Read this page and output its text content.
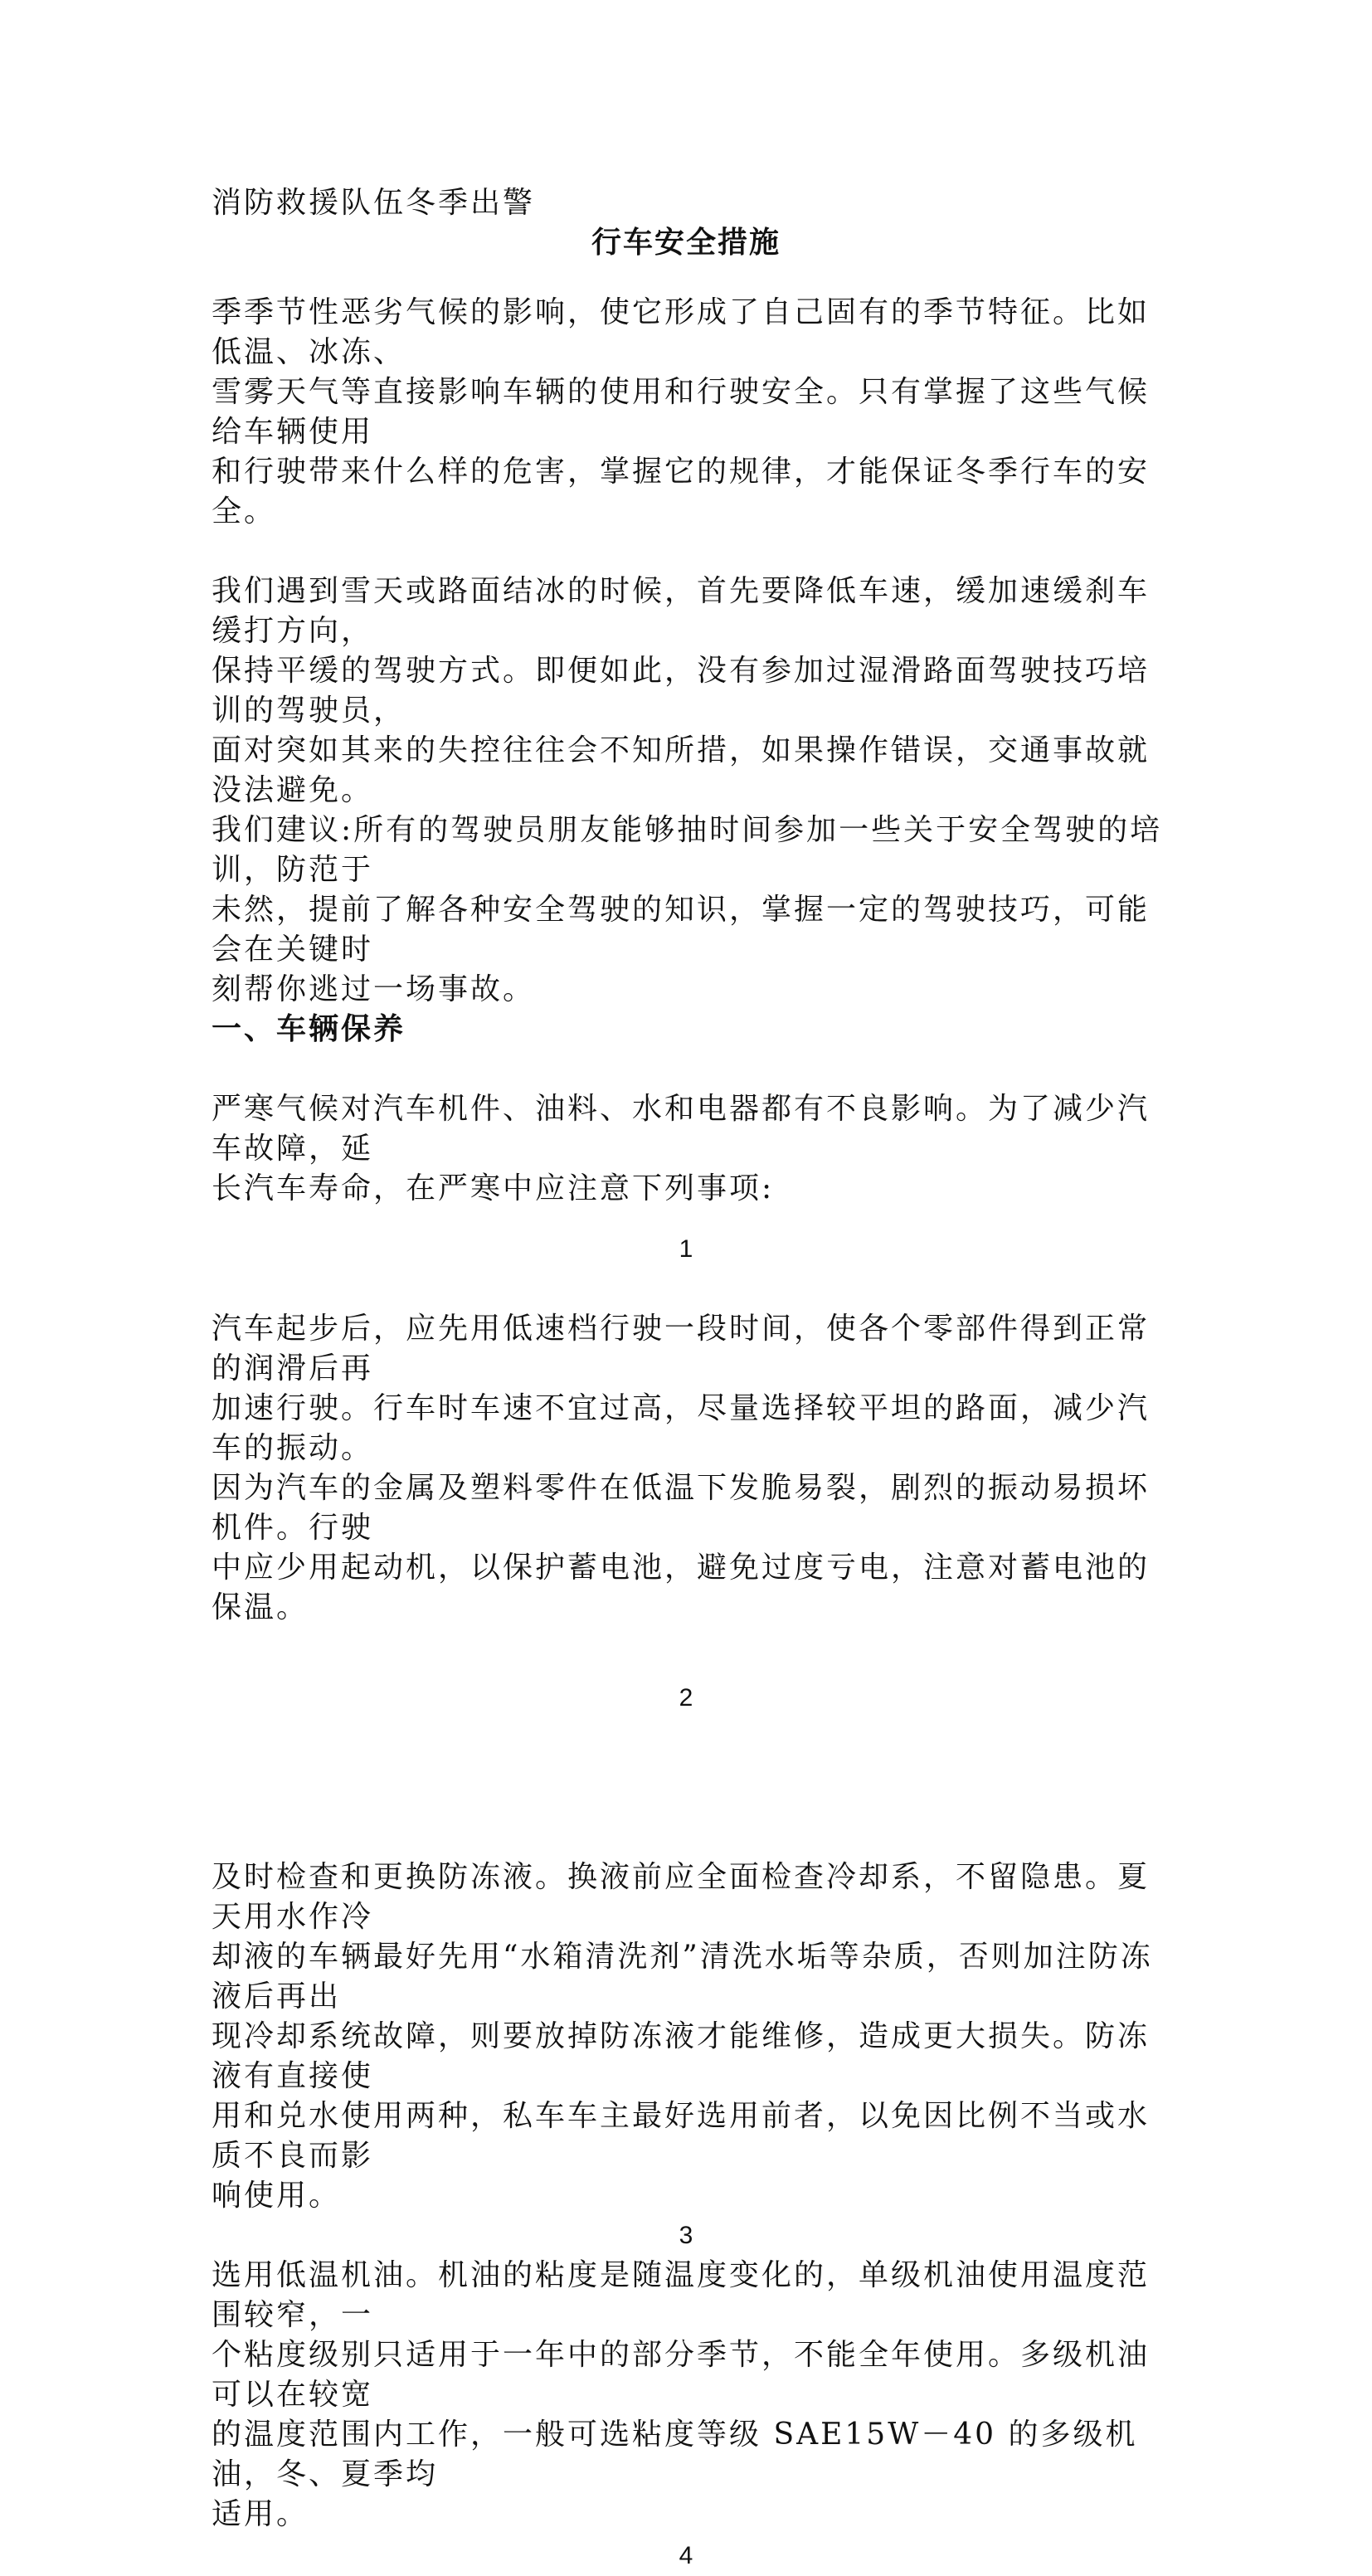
消防救援队伍冬季出警
行车安全措施
季季节性恶劣气候的影响，使它形成了自己固有的季节特征。比如低温、冰冻、
雪雾天气等直接影响车辆的使用和行驶安全。只有掌握了这些气候给车辆使用
和行驶带来什么样的危害，掌握它的规律，才能保证冬季行车的安全。
我们遇到雪天或路面结冰的时候，首先要降低车速，缓加速缓刹车缓打方向，
保持平缓的驾驶方式。即便如此，没有参加过湿滑路面驾驶技巧培训的驾驶员，
面对突如其来的失控往往会不知所措，如果操作错误，交通事故就没法避免。
我们建议:所有的驾驶员朋友能够抽时间参加一些关于安全驾驶的培训，防范于
未然，提前了解各种安全驾驶的知识，掌握一定的驾驶技巧，可能会在关键时
刻帮你逃过一场事故。
一、车辆保养
严寒气候对汽车机件、油料、水和电器都有不良影响。为了减少汽车故障，延
长汽车寿命，在严寒中应注意下列事项:
1
汽车起步后，应先用低速档行驶一段时间，使各个零部件得到正常的润滑后再
加速行驶。行车时车速不宜过高，尽量选择较平坦的路面，减少汽车的振动。
因为汽车的金属及塑料零件在低温下发脆易裂，剧烈的振动易损坏机件。行驶
中应少用起动机，以保护蓄电池，避免过度亏电，注意对蓄电池的保温。
2
及时检查和更换防冻液。换液前应全面检查冷却系，不留隐患。夏天用水作冷
却液的车辆最好先用“水箱清洗剂”清洗水垢等杂质，否则加注防冻液后再出
现冷却系统故障，则要放掉防冻液才能维修，造成更大损失。防冻液有直接使
用和兑水使用两种，私车车主最好选用前者，以免因比例不当或水质不良而影
响使用。
3
选用低温机油。机油的粘度是随温度变化的，单级机油使用温度范围较窄，一
个粘度级别只适用于一年中的部分季节，不能全年使用。多级机油可以在较宽
的温度范围内工作，一般可选粘度等级 SAE15W－40 的多级机油，冬、夏季均
适用。
4
